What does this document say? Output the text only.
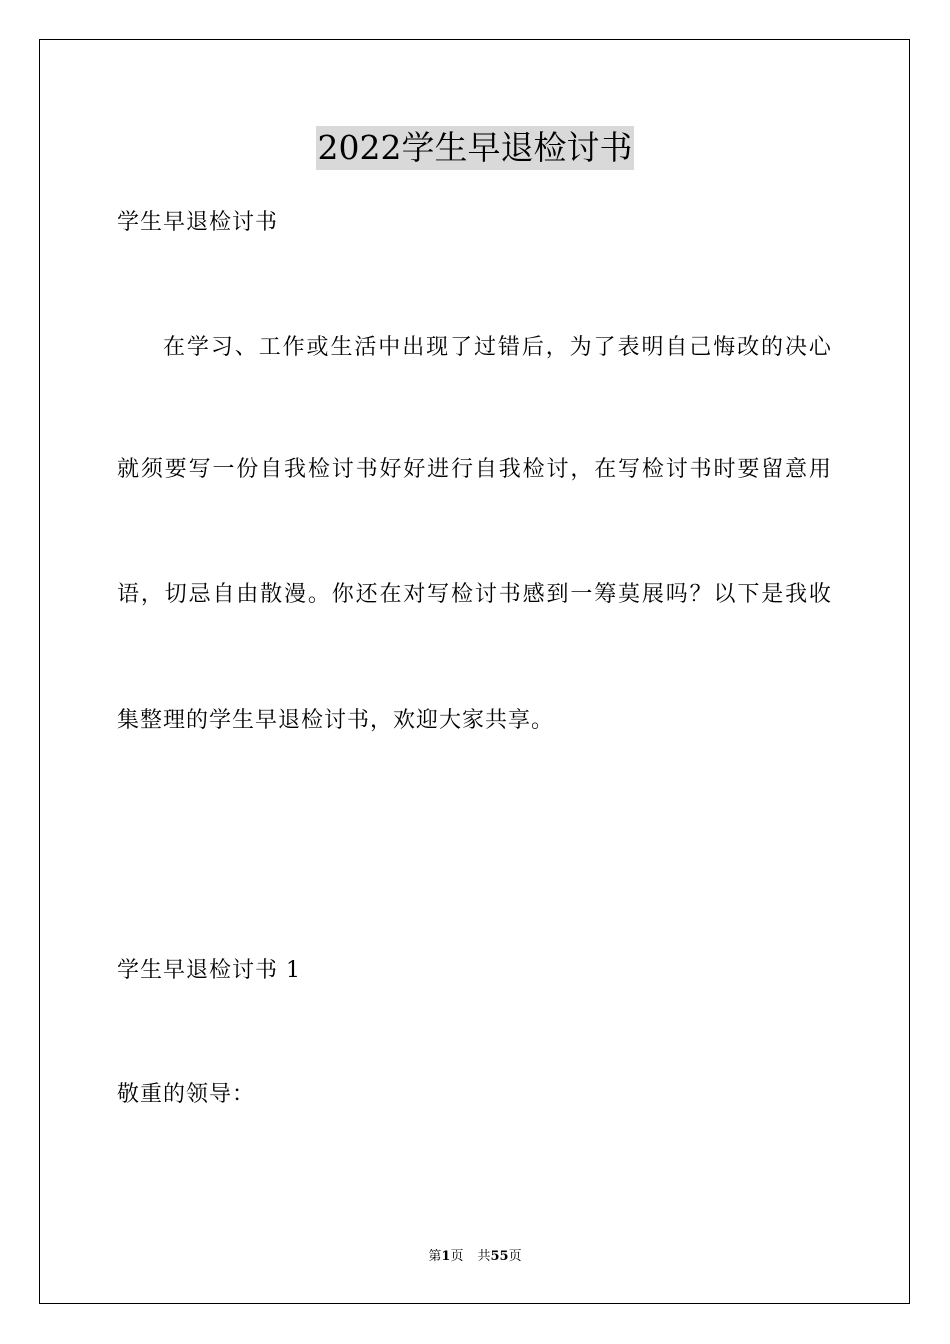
2022学生早退检讨书
学生早退检讨书
在 学 习 、 工 作 或 生 活 中 出 现 了 过 错 后 ， 为 了 表 明 自 己 悔 改 的 决 心
就 须 要 写 一 份 自 我 检 讨 书 好 好 进 行 自 我 检 讨 ， 在 写 检 讨 书 时 要 留 意 用
语 ， 切 忌 自 由 散 漫 。 你 还 在 对 写 检 讨 书 感 到 一 筹 莫 展 吗 ？ 以 下 是 我 收
集整理的学生早退检讨书，欢迎大家共享。
学生早退检讨书 1
敬重的领导：
第1页 共55页
